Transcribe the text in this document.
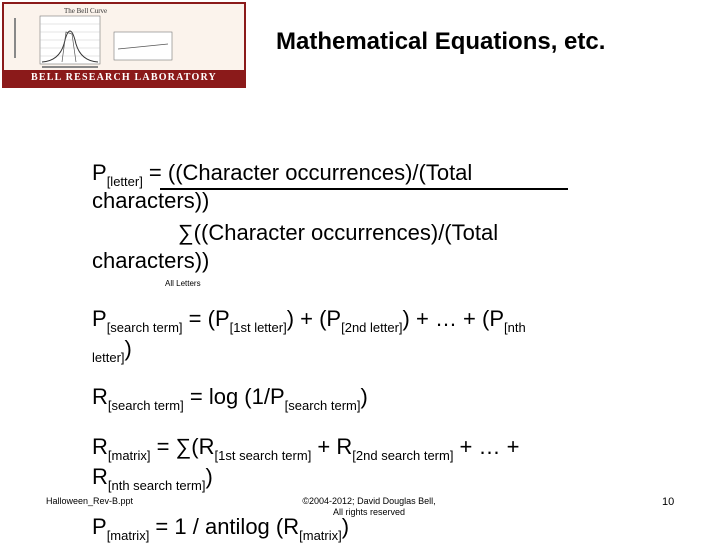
The Bell Curve
BELL RESEARCH LABORATORY
Mathematical Equations, etc.
$P_{[letter]}$ = ((Character occurrences)/(Total
characters))
∑((Character occurrences)/(Total
characters))
All Letters
$P_{[search term]} = (P_{[1st letter]}) + (P_{[2nd letter]})$ + … + ($P_{[nth}$
$_{letter]}$)
$R_{[search term]} = \log (1/P_{[search term]})$
$R_{[matrix]} = \sum(R_{[1st search term]} + R_{[2nd search term]}$ + … +
$R_{[nth search term]}$)
$P_{[matrix]} = 1$ / antilog $(R_{[matrix]})$
Halloween_Rev-B.ppt	©2004-2012; David Douglas Bell,
All rights reserved
10
